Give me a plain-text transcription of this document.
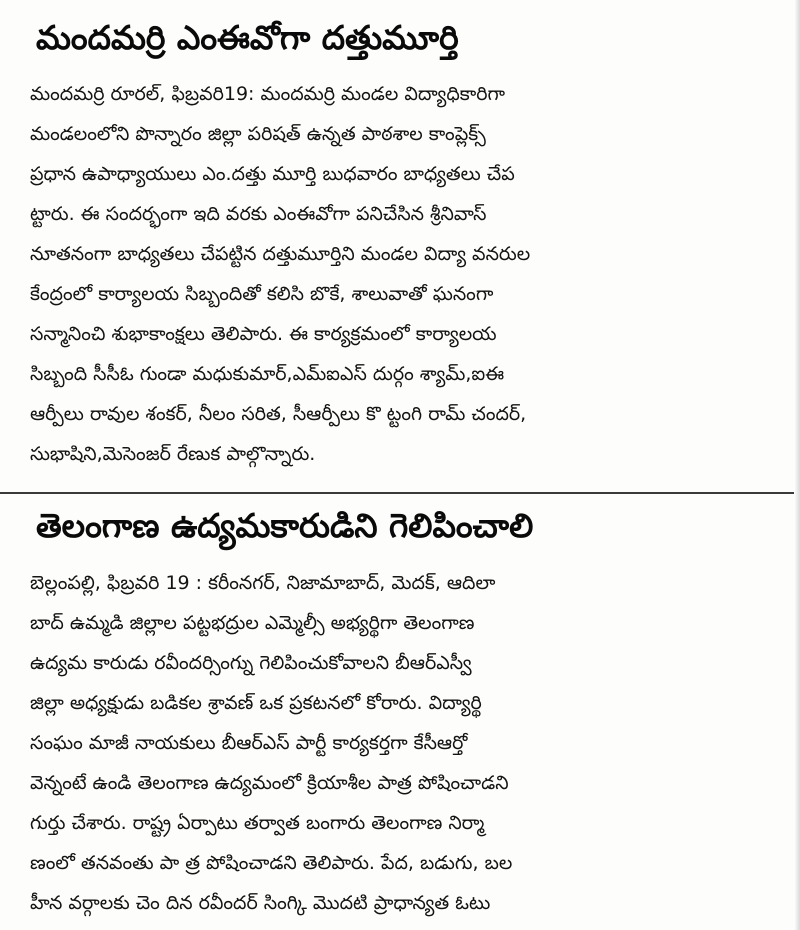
మందమర్రి ఎంఈవోగా దత్తుమూర్తి
మందమర్రి రూరల్, ఫిబ్రవరి19: మందమర్రి మండల విద్యాధికారిగా
మండలంలోని పొన్నారం జిల్లా పరిషత్ ఉన్నత పాఠశాల కాంప్లెక్స్
ప్రధాన ఉపాధ్యాయులు ఎం.దత్తు మూర్తి బుధవారం బాధ్యతలు చేప
ట్టారు. ఈ సందర్భంగా ఇది వరకు ఎంఈవోగా పనిచేసిన శ్రీనివాస్
నూతనంగా బాధ్యతలు చేపట్టిన దత్తుమూర్తిని మండల విద్యా వనరుల
కేంద్రంలో కార్యాలయ సిబ్బందితో కలిసి బొకే, శాలువాతో ఘనంగా
సన్మానించి శుభాకాంక్షలు తెలిపారు. ఈ కార్యక్రమంలో కార్యాలయ
సిబ్బంది సీసీఓ గుండా మధుకుమార్,ఎమ్ఐఎస్ దుర్గం శ్యామ్,ఐఈ
ఆర్పీలు రావుల శంకర్, నీలం సరిత, సీఆర్పీలు కొ ట్టంగి రామ్ చందర్,
సుభాషిని,మెసెంజర్ రేణుక పాల్గొన్నారు.
తెలంగాణ ఉద్యమకారుడిని గెలిపించాలి
బెల్లంపల్లి, ఫిబ్రవరి 19 : కరీంనగర్, నిజామాబాద్, మెదక్, ఆదిలా
బాద్ ఉమ్మడి జిల్లాల పట్టభద్రుల ఎమ్మెల్సీ అభ్యర్థిగా తెలంగాణ
ఉద్యమ కారుడు రవీందర్సింగ్ను గెలిపించుకోవాలని బీఆర్ఎస్వీ
జిల్లా అధ్యక్షుడు బడికల శ్రావణ్ ఒక ప్రకటనలో కోరారు. విద్యార్థి
సంఘం మాజీ నాయకులు బీఆర్ఎస్ పార్టీ కార్యకర్తగా కేసీఆర్తో
వెన్నంటే ఉండి తెలంగాణ ఉద్యమంలో క్రియాశీల పాత్ర పోషించాడని
గుర్తు చేశారు. రాష్ట్ర ఏర్పాటు తర్వాత బంగారు తెలంగాణ నిర్మా
ణంలో తనవంతు పా త్ర పోషించాడని తెలిపారు. పేద, బడుగు, బల
హీన వర్గాలకు చెం దిన రవీందర్ సింగ్కి మొదటి ప్రాధాన్యత ఓటు
